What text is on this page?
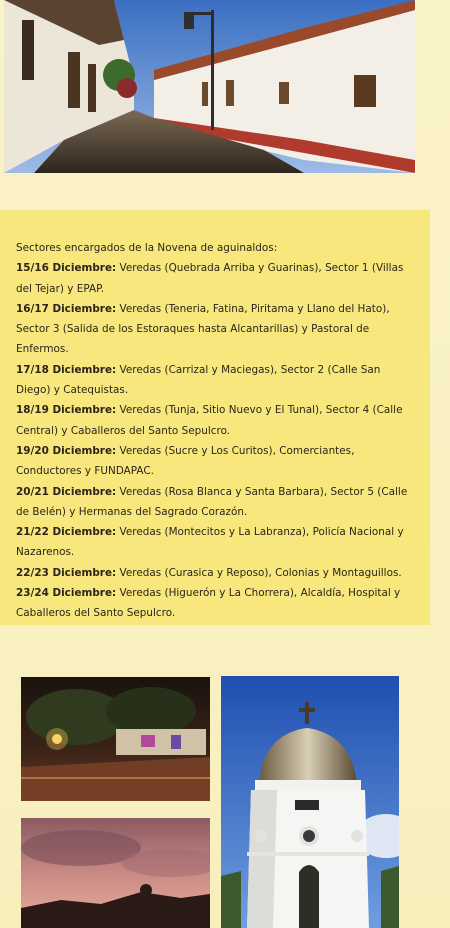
Sectores encargados de la Novena de aguinaldos:

15/16 Diciembre: Veredas (Quebrada Arriba y Guarinas), Sector 1 (Villas del Tejar) y EPAP.

16/17 Diciembre: Veredas (Teneria, Fatina, Piritama y Llano del Hato), Sector 3 (Salida de los Estoraques hasta Alcantarillas) y Pastoral de Enfermos.

17/18 Diciembre: Veredas (Carrizal y Maciegas), Sector 2 (Calle San Diego) y Catequistas.

18/19 Diciembre: Veredas (Tunja, Sitio Nuevo y El Tunal), Sector 4 (Calle Central) y Caballeros del Santo Sepulcro.

19/20 Diciembre: Veredas (Sucre y Los Curitos), Comerciantes, Conductores y FUNDAPAC.

20/21 Diciembre: Veredas (Rosa Blanca y Santa Barbara), Sector 5 (Calle de Belén) y Hermanas del Sagrado Corazón.

21/22 Diciembre: Veredas (Montecitos y La Labranza), Policía Nacional y Nazarenos.

22/23 Diciembre: Veredas (Curasica y Reposo), Colonias y Montaguillos.

23/24 Diciembre: Veredas (Higuerón y La Chorrera), Alcaldía, Hospital y Caballeros del Santo Sepulcro.
